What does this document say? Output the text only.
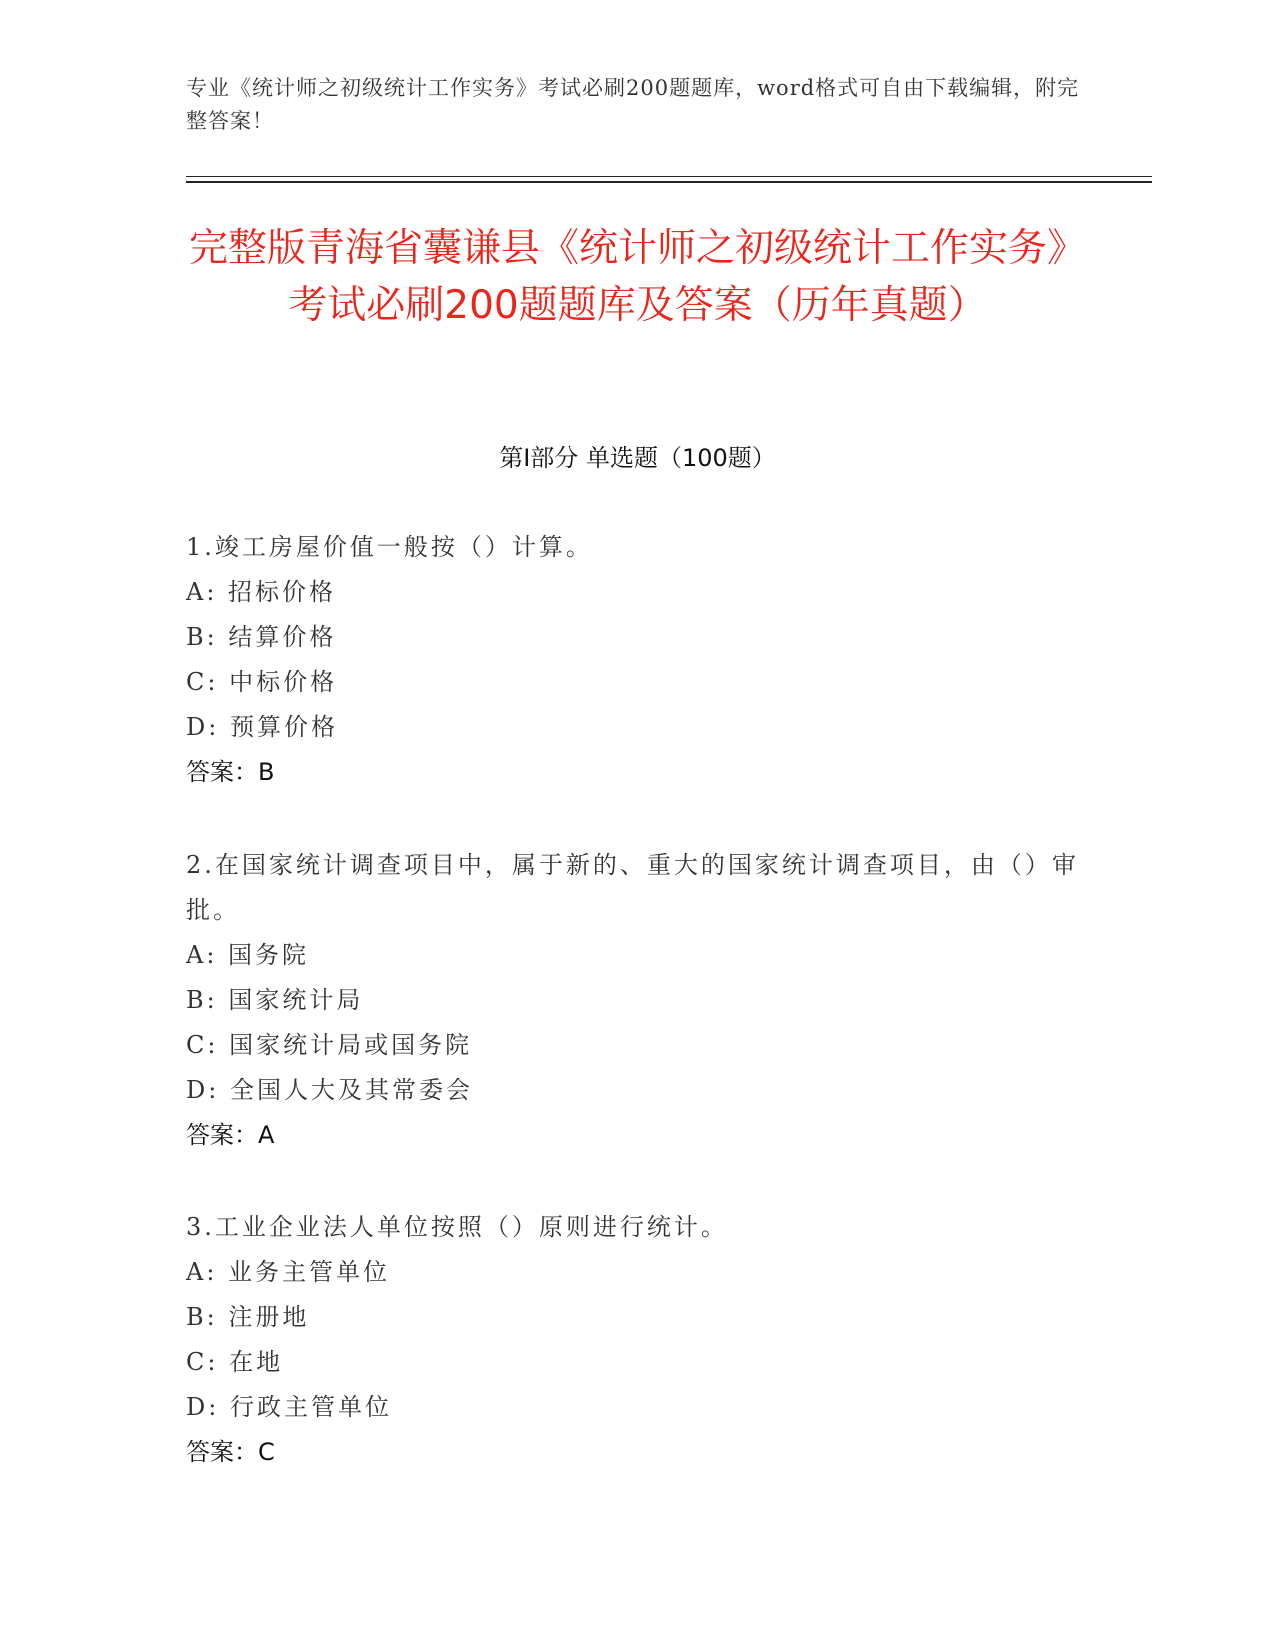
专业《统计师之初级统计工作实务》考试必刷200题题库，word格式可自由下载编辑，附完整答案！
完整版青海省囊谦县《统计师之初级统计工作实务》考试必刷200题题库及答案（历年真题）
第Ⅰ部分 单选题（100题）
1.竣工房屋价值一般按（）计算。
A: 招标价格
B: 结算价格
C: 中标价格
D: 预算价格
答案：B
2.在国家统计调查项目中，属于新的、重大的国家统计调查项目，由（）审批。
A: 国务院
B: 国家统计局
C: 国家统计局或国务院
D: 全国人大及其常委会
答案：A
3.工业企业法人单位按照（）原则进行统计。
A: 业务主管单位
B: 注册地
C: 在地
D: 行政主管单位
答案：C
